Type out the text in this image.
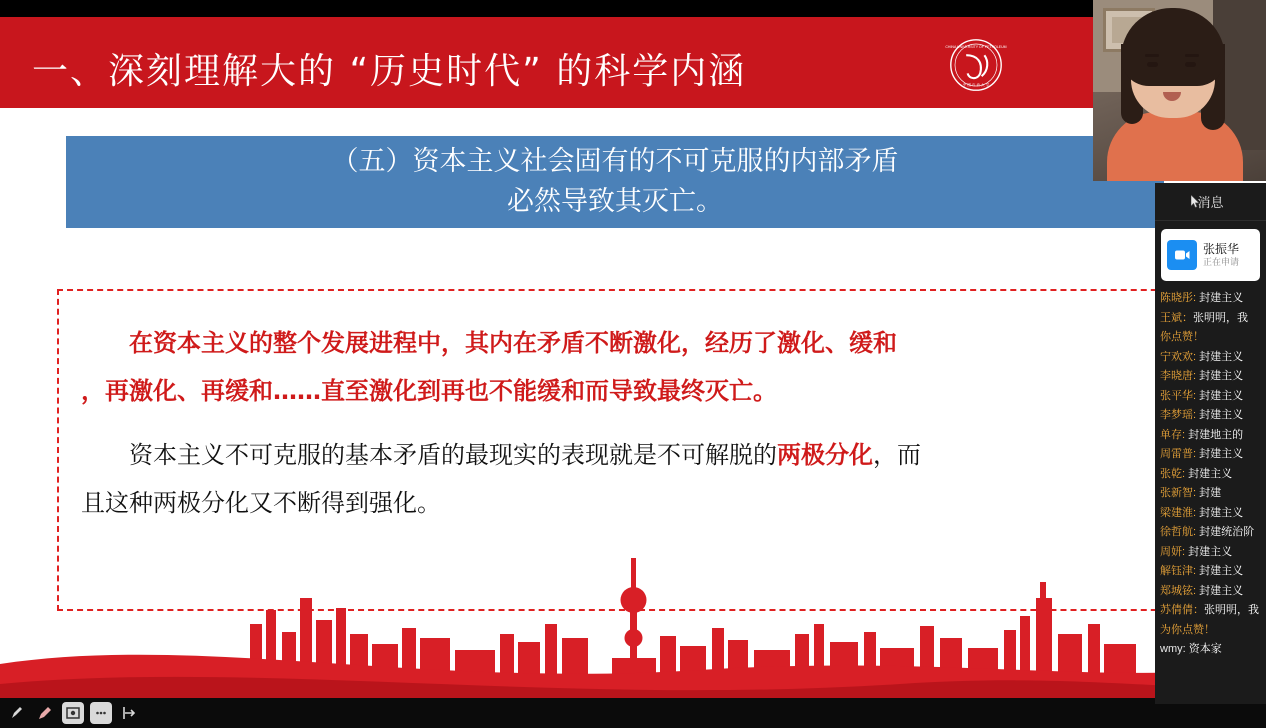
一、深刻理解大的 “历史时代” 的科学内涵
CHINA UNIVERSITY OF PETROLEUM
中 国 石 油 大 学
（五）资本主义社会固有的不可克服的内部矛盾
必然导致其灭亡。
在资本主义的整个发展进程中，其内在矛盾不断激化，经历了激化、缓和
，再激化、再缓和……直至激化到再也不能缓和而导致最终灭亡。
资本主义不可克服的基本矛盾的最现实的表现就是不可解脱的两极分化，而
且这种两极分化又不断得到强化。
消息
张振华
正在申请
陈晓彤: 封建主义
王斌：张明明，我
你点赞！
宁欢欢: 封建主义
李晓唐: 封建主义
张平华: 封建主义
李梦瑶: 封建主义
单存: 封建地主的
周雷普: 封建主义
张乾: 封建主义
张新智: 封建
梁建淮: 封建主义
徐哲航: 封建统治阶
周妍: 封建主义
解钰津: 封建主义
郑城铉: 封建主义
苏倩倩：张明明，我
为你点赞！
wmy: 资本家
